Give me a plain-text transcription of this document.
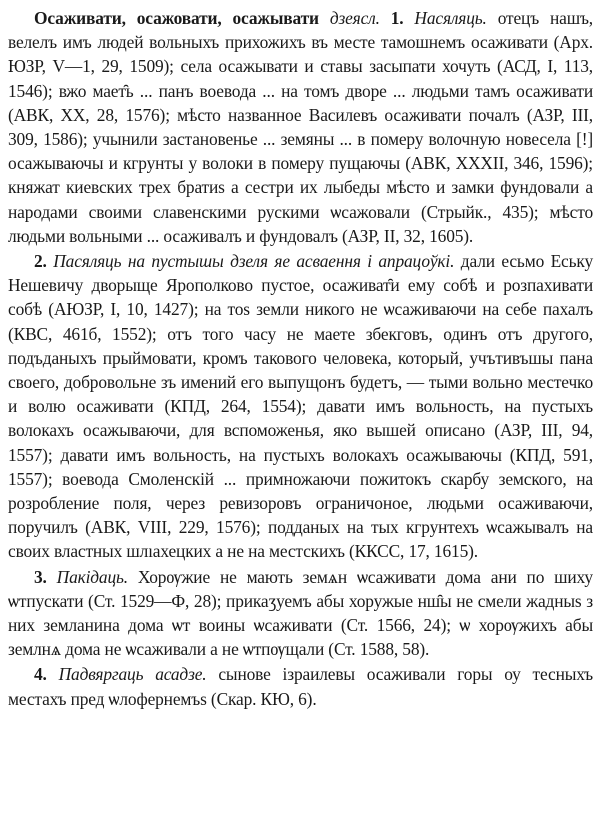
Осаживати, осажовати, осажывати дзеясл. 1. Насяляць. отецъ нашъ, велелъ имъ людей вольныхъ прихожихъ въ месте тамошнемъ осаживати (Арх. ЮЗР, V—1, 29, 1509); села осажывати и ставы засыпати хочуть (АСД, I, 113, 1546); вжо мает̑ь ... панъ воевода ... на томъ дворе ... людьми тамъ осаживати (АВК, XX, 28, 1576); мѣсто названное Василевъ осаживати почалъ (АЗР, III, 309, 1586); учынили застановенье ... земяны ... в померу волочную новесела [!] осажываючы и кгрунты у волоки в померу пущаючы (АВК, XXXII, 346, 1596); княжат киевских трех братиѕ а сестри их лыбеды мѣсто и замки фундовали а народами своими славенскими рускими ѡсажовали (Стрыйк., 435); мѣсто людьми вольными ... осаживалъ и фундовалъ (АЗР, II, 32, 1605).

2. Пасяляць на пустышы дзеля яе асваення і апрацоўкі. дали есьмо Еську Нешевичу дворыще Ярополково пустое, осаживат̑и ему собѣ и розпахивати собѣ (АЮЗР, I, 10, 1427); на тоѕ земли никого не ѡсаживаючи на себе пахалъ (КВС, 461б, 1552); отъ того часу не маете збекговъ, одинъ отъ другого, подъданыхъ прыймовати, кромъ такового человека, который, учътивъшы пана своего, добровольне зъ имений его выпущонъ будетъ, — тыми вольно местечко и волю осаживати (КПД, 264, 1554); давати имъ вольность, на пустыхъ волокахъ осажываючи, для вспоможенья, яко вышей описано (АЗР, III, 94, 1557); давати имъ вольность, на пустыхъ волокахъ осажываючы (КПД, 591, 1557); воевода Смоленскій ... примножаючи пожитокъ скарбу земского, на розробление поля, через ревизоровъ ограничоное, людьми осаживаючи, поручилъ (АВК, VIII, 229, 1576); подданых на тых кгрунтехъ ѡсажывалъ на своих властных шлıахецких а не на местскихъ (ККСС, 17, 1615).

3. Пакідаць. Хорѹжие не мають земѧн ѡсаживати дома ани по шиху ѡтпускати (Ст. 1529—Ф, 28); прикаӡуемъ абы хоружые нш̑ы не смели жадныѕ з них земланина дома ѡт воины ѡсаживати (Ст. 1566, 24); ѡ хорѹжихъ абы землнѧ дома не ѡсаживали а не ѡтпѹщали (Ст. 1588, 58).

4. Падвяргаць асадзе. сынове ізраилевы осаживали горы оу тесныхъ местахъ пред ѡлофернемъѕ (Скар. КЮ, 6).
